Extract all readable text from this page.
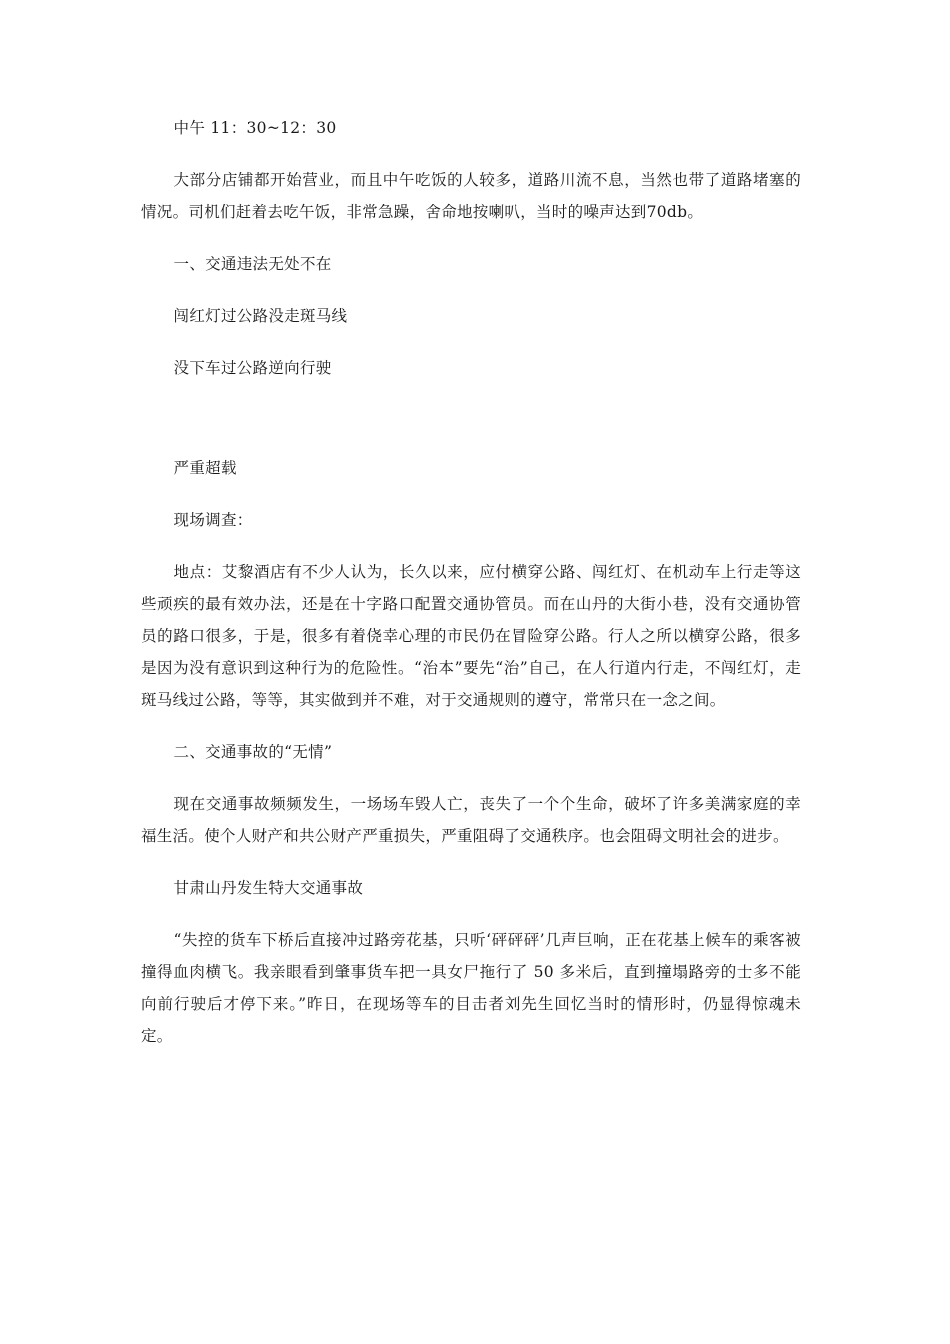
中午 11：30~12：30

大部分店铺都开始营业，而且中午吃饭的人较多，道路川流不息，当然也带了道路堵塞的情况。司机们赶着去吃午饭，非常急躁，舍命地按喇叭，当时的噪声达到70db。

一、交通违法无处不在

闯红灯过公路没走斑马线

没下车过公路逆向行驶

严重超载

现场调查：

地点：艾黎酒店有不少人认为，长久以来，应付横穿公路、闯红灯、在机动车上行走等这些顽疾的最有效办法，还是在十字路口配置交通协管员。而在山丹的大街小巷，没有交通协管员的路口很多，于是，很多有着侥幸心理的市民仍在冒险穿公路。行人之所以横穿公路，很多是因为没有意识到这种行为的危险性。“治本”要先“治”自己，在人行道内行走，不闯红灯，走斑马线过公路，等等，其实做到并不难，对于交通规则的遵守，常常只在一念之间。

二、交通事故的“无情”

现在交通事故频频发生，一场场车毁人亡，丧失了一个个生命，破坏了许多美满家庭的幸福生活。使个人财产和共公财产严重损失，严重阻碍了交通秩序。也会阻碍文明社会的进步。

甘肃山丹发生特大交通事故

“失控的货车下桥后直接冲过路旁花基，只听‘砰砰砰’几声巨响，正在花基上候车的乘客被撞得血肉横飞。我亲眼看到肇事货车把一具女尸拖行了 50 多米后，直到撞塌路旁的士多不能向前行驶后才停下来。”昨日，在现场等车的目击者刘先生回忆当时的情形时，仍显得惊魂未定。
